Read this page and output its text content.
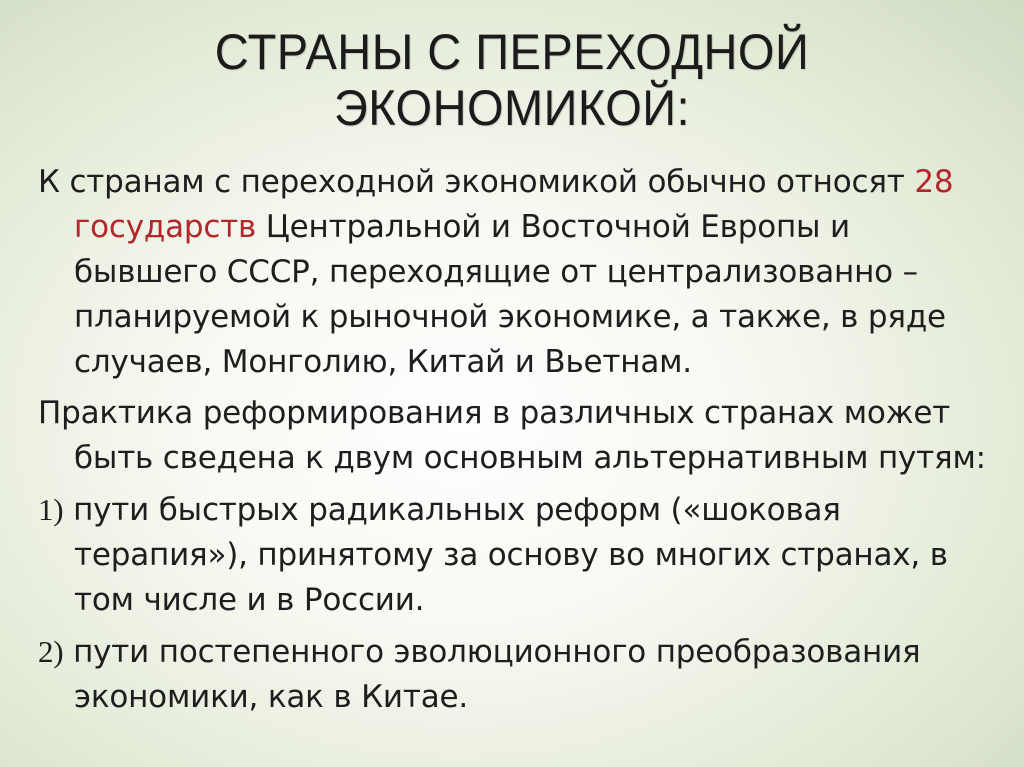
СТРАНЫ С ПЕРЕХОДНОЙ
ЭКОНОМИКОЙ:

К странам с переходной экономикой обычно относят 28 государств Центральной и Восточной Европы и бывшего СССР, переходящие от централизованно – планируемой к рыночной экономике, а также, в ряде случаев, Монголию, Китай и Вьетнам.

Практика реформирования в различных странах может быть сведена к двум основным альтернативным путям:

1) пути быстрых радикальных реформ («шоковая терапия»), принятому за основу во многих странах, в том числе и в России.

2) пути постепенного эволюционного преобразования экономики, как в Китае.
